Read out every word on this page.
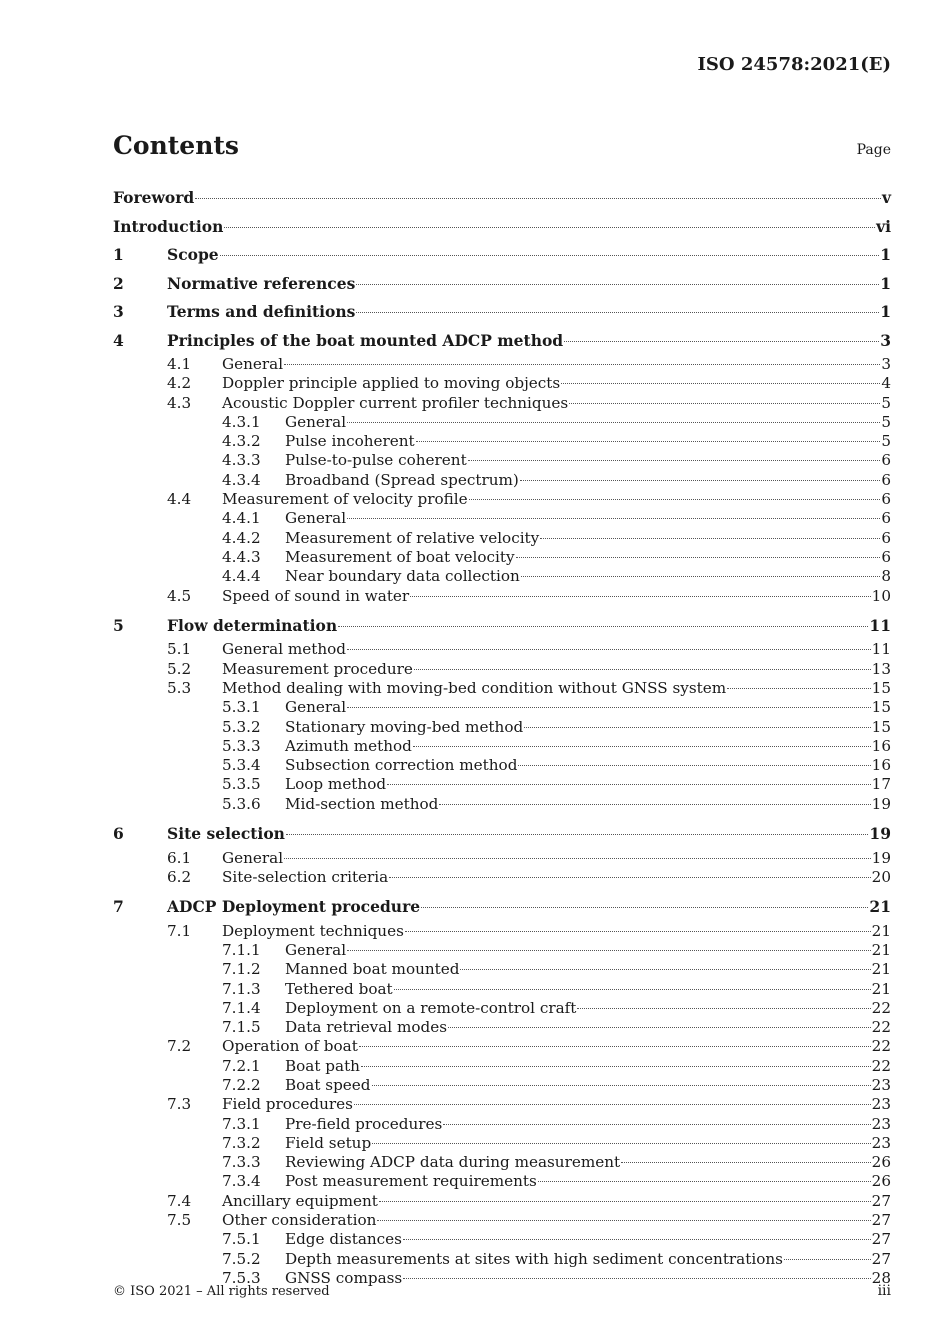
ISO 24578:2021(E)
Contents	Page
Foreword	v
Introduction	vi
1	Scope	1
2	Normative references	1
3	Terms and definitions	1
4	Principles of the boat mounted ADCP method	3
4.1	General	3
4.2	Doppler principle applied to moving objects	4
4.3	Acoustic Doppler current profiler techniques	5
4.3.1	General	5
4.3.2	Pulse incoherent	5
4.3.3	Pulse-to-pulse coherent	6
4.3.4	Broadband (Spread spectrum)	6
4.4	Measurement of velocity profile	6
4.4.1	General	6
4.4.2	Measurement of relative velocity	6
4.4.3	Measurement of boat velocity	6
4.4.4	Near boundary data collection	8
4.5	Speed of sound in water	10
5	Flow determination	11
5.1	General method	11
5.2	Measurement procedure	13
5.3	Method dealing with moving-bed condition without GNSS system	15
5.3.1	General	15
5.3.2	Stationary moving-bed method	15
5.3.3	Azimuth method	16
5.3.4	Subsection correction method	16
5.3.5	Loop method	17
5.3.6	Mid-section method	19
6	Site selection	19
6.1	General	19
6.2	Site-selection criteria	20
7	ADCP Deployment procedure	21
7.1	Deployment techniques	21
7.1.1	General	21
7.1.2	Manned boat mounted	21
7.1.3	Tethered boat	21
7.1.4	Deployment on a remote-control craft	22
7.1.5	Data retrieval modes	22
7.2	Operation of boat	22
7.2.1	Boat path	22
7.2.2	Boat speed	23
7.3	Field procedures	23
7.3.1	Pre-field procedures	23
7.3.2	Field setup	23
7.3.3	Reviewing ADCP data during measurement	26
7.3.4	Post measurement requirements	26
7.4	Ancillary equipment	27
7.5	Other consideration	27
7.5.1	Edge distances	27
7.5.2	Depth measurements at sites with high sediment concentrations	27
7.5.3	GNSS compass	28
© ISO 2021 – All rights reserved	iii
